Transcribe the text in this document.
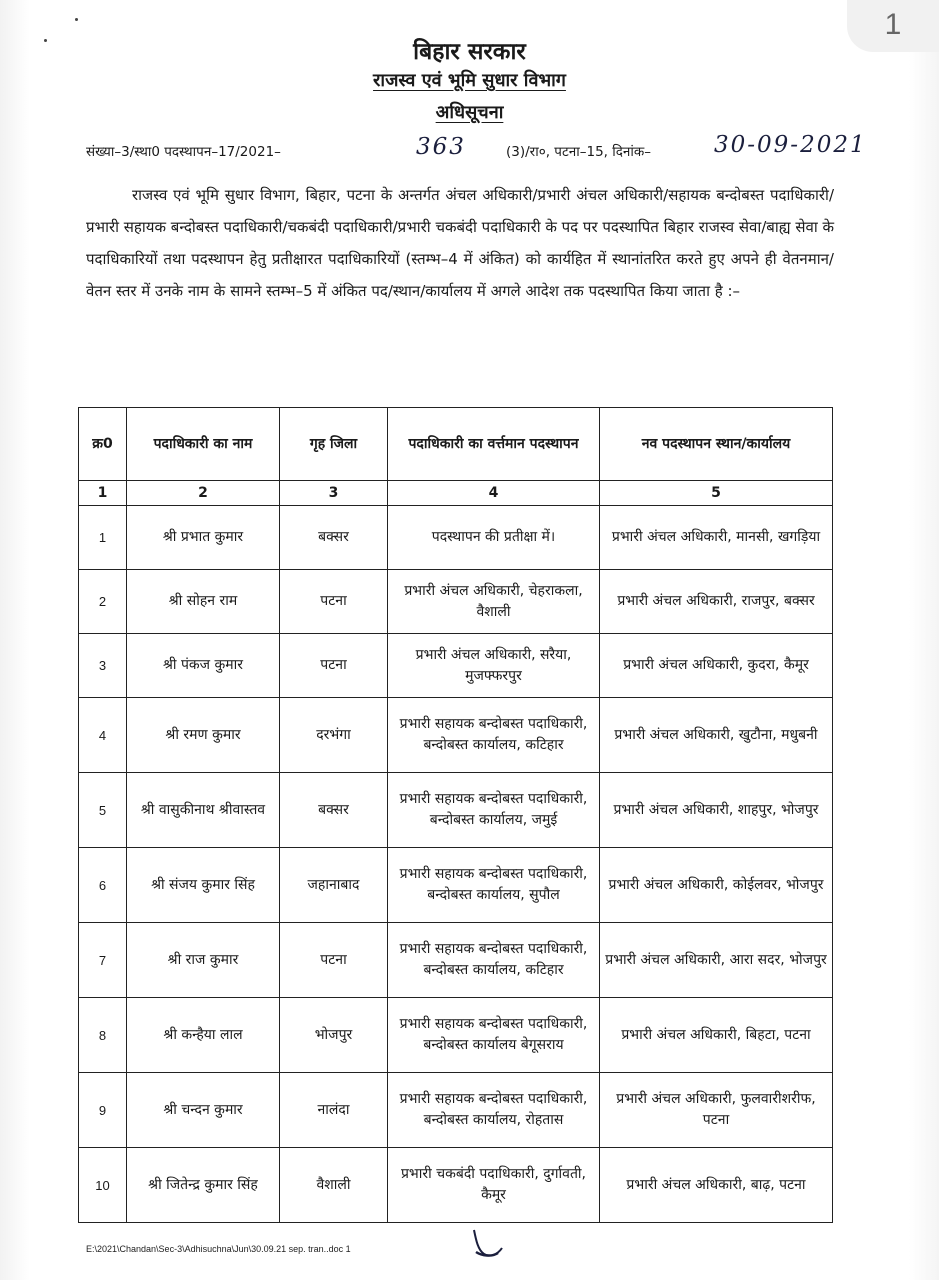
1
बिहार सरकार
राजस्व एवं भूमि सुधार विभाग
अधिसूचना
संख्या–3/स्था0 पदस्थापन–17/2021–	363	(3)/रा०, पटना–15, दिनांक–	30-09-2021
राजस्व एवं भूमि सुधार विभाग, बिहार, पटना के अन्तर्गत अंचल अधिकारी/प्रभारी अंचल अधिकारी/सहायक बन्दोबस्त पदाधिकारी/प्रभारी सहायक बन्दोबस्त पदाधिकारी/चकबंदी पदाधिकारी/प्रभारी चकबंदी पदाधिकारी के पद पर पदस्थापित बिहार राजस्व सेवा/बाह्य सेवा के पदाधिकारियों तथा पदस्थापन हेतु प्रतीक्षारत पदाधिकारियों (स्तम्भ–4 में अंकित) को कार्यहित में स्थानांतरित करते हुए अपने ही वेतनमान/वेतन स्तर में उनके नाम के सामने स्तम्भ–5 में अंकित पद/स्थान/कार्यालय में अगले आदेश तक पदस्थापित किया जाता है :–
क्र0	पदाधिकारी का नाम	गृह जिला	पदाधिकारी का वर्त्तमान पदस्थापन	नव पदस्थापन स्थान/कार्यालय
1	2	3	4	5
1	श्री प्रभात कुमार	बक्सर	पदस्थापन की प्रतीक्षा में।	प्रभारी अंचल अधिकारी, मानसी, खगड़िया
2	श्री सोहन राम	पटना	प्रभारी अंचल अधिकारी, चेहराकला, वैशाली	प्रभारी अंचल अधिकारी, राजपुर, बक्सर
3	श्री पंकज कुमार	पटना	प्रभारी अंचल अधिकारी, सरैया, मुजफ्फरपुर	प्रभारी अंचल अधिकारी, कुदरा, कैमूर
4	श्री रमण कुमार	दरभंगा	प्रभारी सहायक बन्दोबस्त पदाधिकारी, बन्दोबस्त कार्यालय, कटिहार	प्रभारी अंचल अधिकारी, खुटौना, मधुबनी
5	श्री वासुकीनाथ श्रीवास्तव	बक्सर	प्रभारी सहायक बन्दोबस्त पदाधिकारी, बन्दोबस्त कार्यालय, जमुई	प्रभारी अंचल अधिकारी, शाहपुर, भोजपुर
6	श्री संजय कुमार सिंह	जहानाबाद	प्रभारी सहायक बन्दोबस्त पदाधिकारी, बन्दोबस्त कार्यालय, सुपौल	प्रभारी अंचल अधिकारी, कोईलवर, भोजपुर
7	श्री राज कुमार	पटना	प्रभारी सहायक बन्दोबस्त पदाधिकारी, बन्दोबस्त कार्यालय, कटिहार	प्रभारी अंचल अधिकारी, आरा सदर, भोजपुर
8	श्री कन्हैया लाल	भोजपुर	प्रभारी सहायक बन्दोबस्त पदाधिकारी, बन्दोबस्त कार्यालय बेगूसराय	प्रभारी अंचल अधिकारी, बिहटा, पटना
9	श्री चन्दन कुमार	नालंदा	प्रभारी सहायक बन्दोबस्त पदाधिकारी, बन्दोबस्त कार्यालय, रोहतास	प्रभारी अंचल अधिकारी, फुलवारीशरीफ, पटना
10	श्री जितेन्द्र कुमार सिंह	वैशाली	प्रभारी चकबंदी पदाधिकारी, दुर्गावती, कैमूर	प्रभारी अंचल अधिकारी, बाढ़, पटना
E:\2021\Chandan\Sec-3\Adhisuchna\Jun\30.09.21 sep. tran..doc 1
